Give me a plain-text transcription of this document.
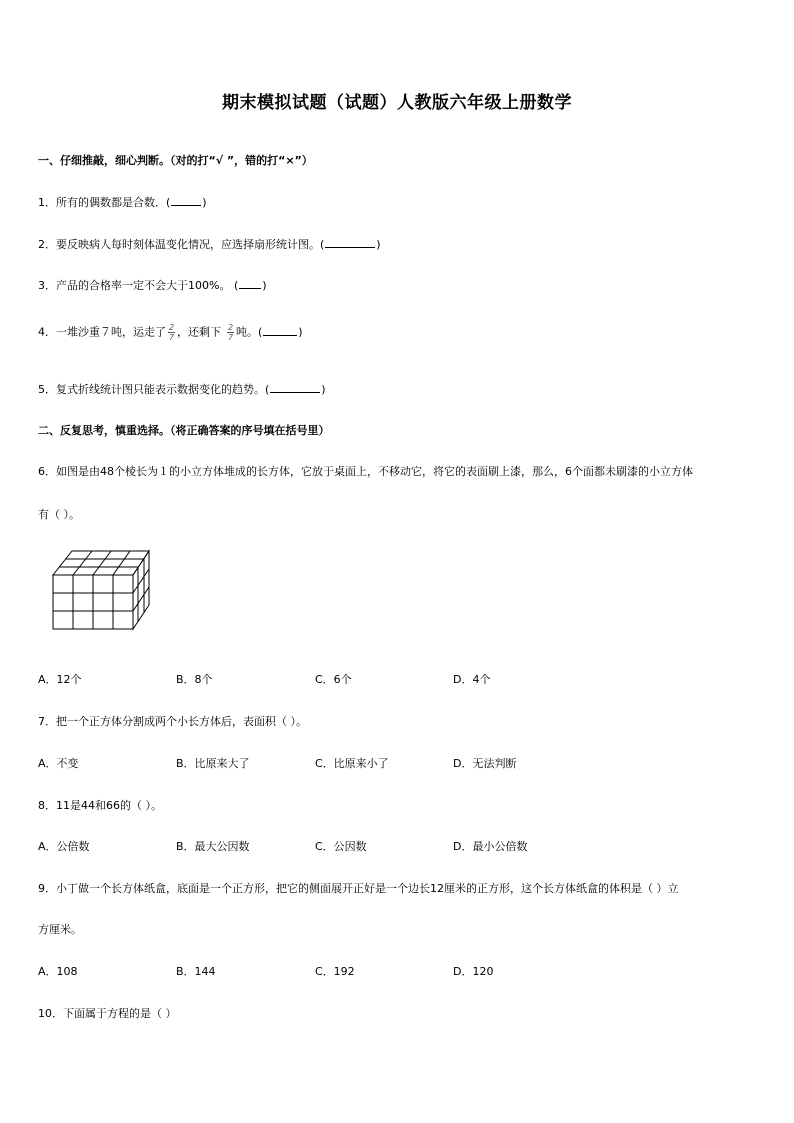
期末模拟试题（试题）人教版六年级上册数学
一、仔细推敲，细心判断。（对的打“√ ”，错的打“×”）
1．所有的偶数都是合数．(	)
2．要反映病人每时刻体温变化情况，应选择扇形统计图。(	)
3．产品的合格率一定不会大于100%。 ( )
4．一堆沙重７吨，运走了 $\frac{2}{7}$ ，还剩下 $\frac{2}{7}$ 吨。(	)
5．复式折线统计图只能表示数据变化的趋势。(	)
二、反复思考，慎重选择。（将正确答案的序号填在括号里）
6．如图是由48个棱长为１的小立方体堆成的长方体，它放于桌面上，不移动它，将它的表面刷上漆，那么，6个面都未刷漆的小立方体
有（ ）。
A．12个	B．8个	C．6个	D．4个
7．把一个正方体分割成两个小长方体后，表面积（ ）。
A．不变	B．比原来大了	C．比原来小了	D．无法判断
8．11是44和66的（ ）。
A．公倍数	B．最大公因数	C．公因数	D．最小公倍数
9．小丁做一个长方体纸盒，底面是一个正方形，把它的侧面展开正好是一个边长12厘米的正方形，这个长方体纸盒的体积是（ ）立
方厘米。
A．108	B．144	C．192	D．120
10．下面属于方程的是（ ）
